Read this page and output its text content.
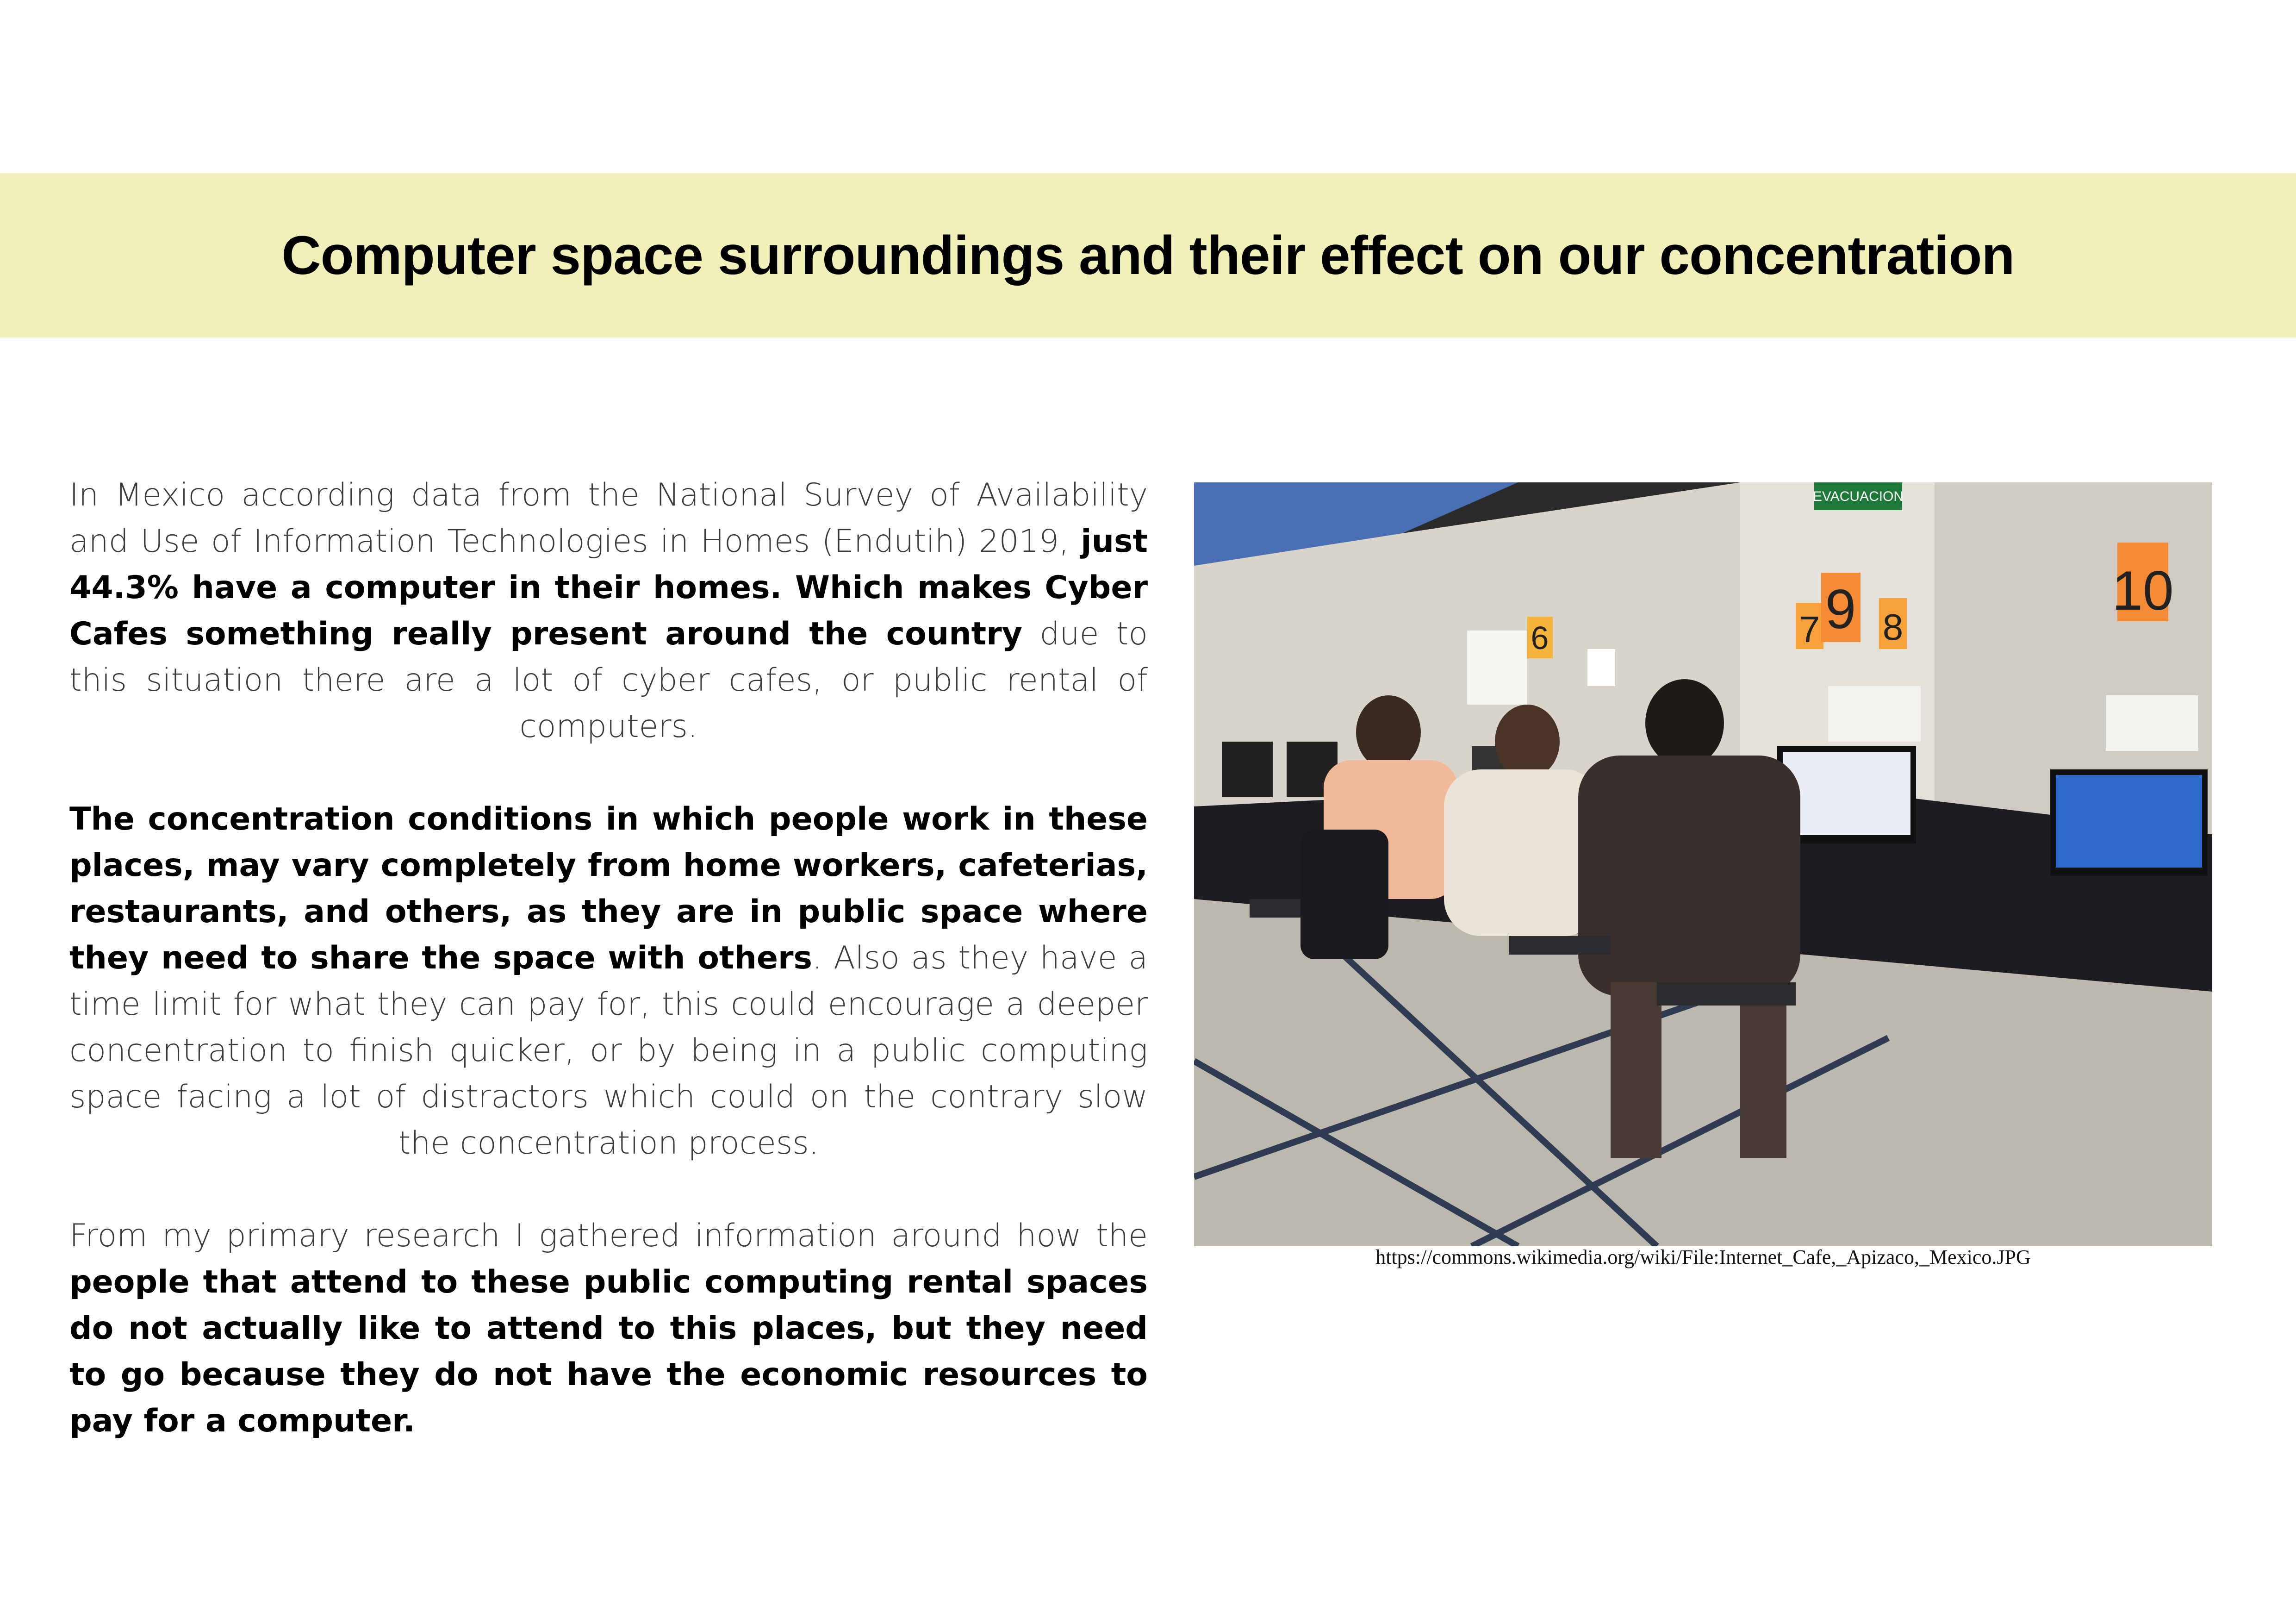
Computer space surroundings and their effect on our concentration

In Mexico according data from the National Survey of Availability and Use of Information Technologies in Homes (Endutih) 2019, just 44.3% have a computer in their homes. Which makes Cyber Cafes something really present around the country due to this situation there are a lot of cyber cafes, or public rental of computers.

The concentration conditions in which people work in these places, may vary completely from home workers, cafeterias, restaurants, and others, as they are in public space where they need to share the space with others. Also as they have a time limit for what they can pay for, this could encourage a deeper concentration to finish quicker, or by being in a public computing space facing a lot of distractors which could on the contrary slow the concentration process.

From my primary research I gathered information around how the people that attend to these public computing rental spaces do not actually like to attend to this places, but they need to go because they do not have the economic resources to pay for a computer.

6	7 8
9	10
EVACUACION
https://commons.wikimedia.org/wiki/File:Internet_Cafe,_Apizaco,_Mexico.JPG
